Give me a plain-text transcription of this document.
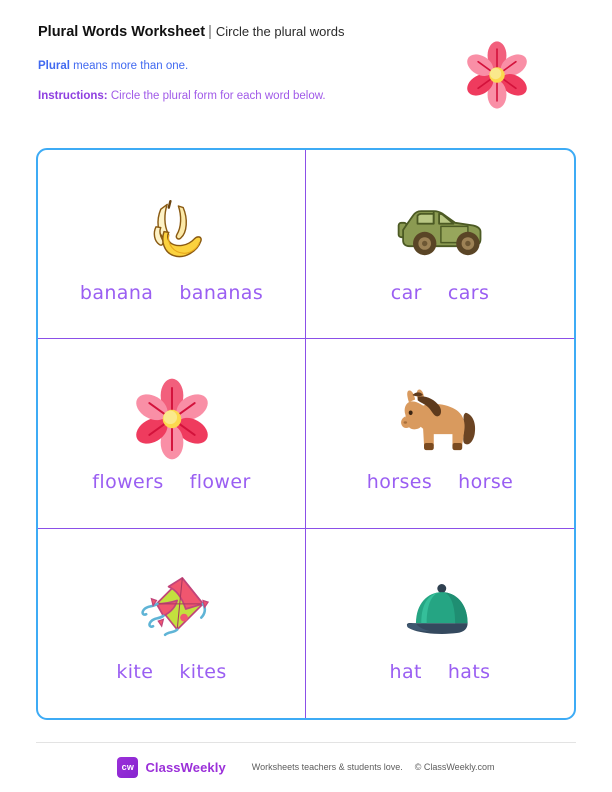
Plural Words Worksheet | Circle the plural words
Plural means more than one.
Instructions: Circle the plural form for each word below.
banana bananas	car cars
flowers flower	horses horse
kite kites	hat hats
cw ClassWeekly	Worksheets teachers & students love. © ClassWeekly.com
